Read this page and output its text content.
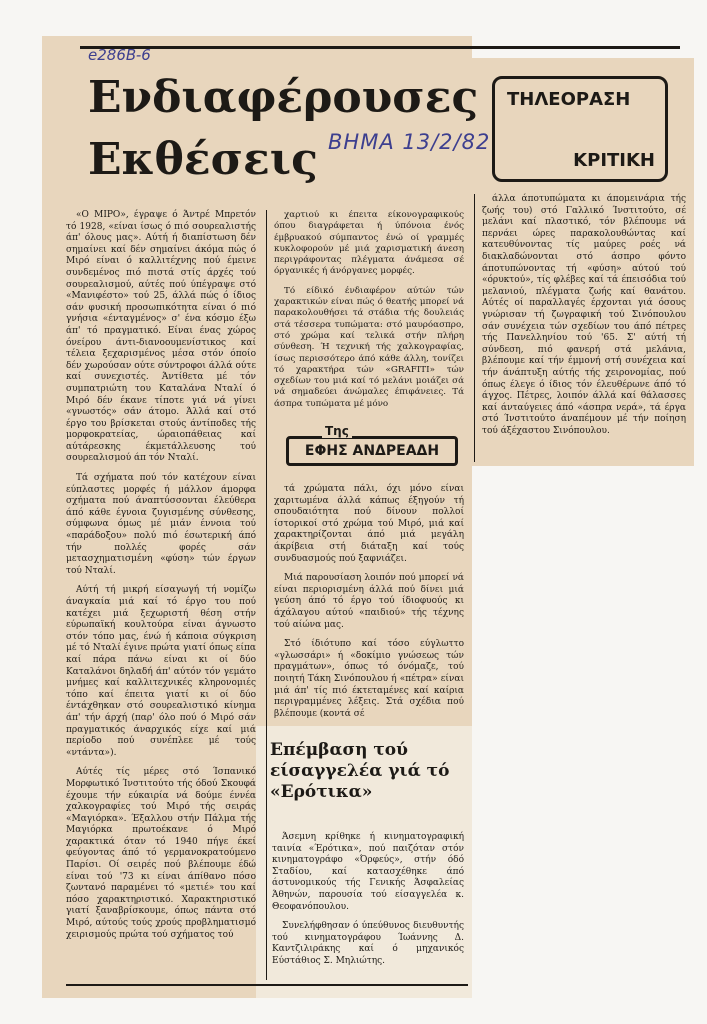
e286B-6
ΒΗΜΑ 13/2/82
Ενδιαφέρουσες
Εκθέσεις
ΤΗΛΕΟΡΑΣΗ
ΚΡΙΤΙΚΗ

«Ο ΜΙΡΟ», έγραψε ό Άντρέ Μπρετόν τό 1928, «είναι ίσως ό πιό σουρεαλιστής άπ' όλους μας». Αύτή ή διαπίστωση δέν σημαίνει καί δέν σημαίνει άκόμα πώς ό Μιρό είναι ό καλλιτέχνης πού έμεινε συνδεμένος πιό πιστά στίς άρχές τού σουρεαλισμού, αύτές πού ύπέγραψε στό «Μανιφέστο» τού 25, άλλά πώς ό ίδιος σάν φυσική προσωπικότητα είναι ό πιό γνήσια «ένταγμένος» σ' ένα κόσμο έξω άπ' τό πραγματικό. Είναι ένας χώρος όνείρου άντι-διανοουμενίστικος καί τέλεια ξεχαρισμένος μέσα στόν όποίο δέν χωρούσαν ούτε σύντροφοι άλλά ούτε καί συνεχιστές. Άντίθετα μέ τόν συμπατριώτη του Καταλάνα Νταλί ό Μιρό δέν έκανε τίποτε γιά νά γίνει «γνωστός» σάν άτομο. Άλλά καί στό έργο του βρίσκεται στούς άντίποδες τής μορφοκρατείας, ώραιοπάθειας καί αύτάρεσκης έκμετάλλευσης τού σουρεαλισμού άπ τόν Νταλί.

Τά σχήματα πού τόν κατέχουν είναι εύπλαστες μορφές ή μάλλον άμορφα σχήματα πού άναπτύσσονται έλεύθερα άπό κάθε έγνοια ζυγισμένης σύνθεσης, σύμφωνα όμως μέ μιάν έννοια τού «παράδοξου» πολύ πιό έσωτερική άπό τήν πολλές φορές σάν μετασχηματισμένη «φύση» τών έργων τού Νταλί.

Αύτή τή μικρή είσαγωγή τή νομίζω άναγκαία μιά καί τό έργο του πού κατέχει μιά ξεχωριστή θέση στήν εύρωπαϊκή κουλτούρα είναι άγνωστο στόν τόπο μας, ένώ ή κάποια σύγκριση μέ τό Νταλί έγινε πρώτα γιατί όπως είπα καί πάρα πάνω είναι κι οί δύο Καταλάνοι δηλαδή άπ' αύτόν τόν γεμάτο μνήμες καί καλλιτεχνικές κληρονομιές τόπο καί έπειτα γιατί κι οί δύο έντάχθηκαν στό σουρεαλιστικό κίνημα άπ' τήν άρχή (παρ' όλο πού ό Μιρό σάν πραγματικός άναρχικός είχε καί μιά περίοδο πού συνέπλεε μέ τούς «ντάντα»).

Αύτές τίς μέρες στό Ίσπανικό Μορφωτικό Ίνστιτούτο τής όδού Σκουφά έχουμε τήν εύκαιρία νά δούμε έννέα χαλκογραφίες τού Μιρό τής σειράς «Μαγιόρκα». Έξαλλου στήν Πάλμα τής Μαγιόρκα πρωτοέκανε ό Μιρό χαρακτικά όταν τό 1940 πήγε έκεί φεύγοντας άπό τό γερμανοκρατούμενο Παρίσι. Οί σειρές πού βλέπουμε έδώ είναι τού '73 κι είναι άπίθανο πόσο ζωντανό παραμένει τό «μετιέ» του καί πόσο χαρακτηριστικό. Χαρακτηριστικό γιατί ξαναβρίσκουμε, όπως πάντα στό Μιρό, αύτούς τούς χρούς προβληματισμό χειρισμούς πρώτα τού σχήματος τού

χαρτιού κι έπειτα είκονογραφικούς όπου διαγράφεται ή ύπόνοια ένός έμβρυακού σύμπαντος ένώ οί γραμμές κυκλοφορούν μέ μιά χαρισματική άνεση περιγράφοντας πλέγματα άνάμεσα σέ όργανικές ή άνόργανες μορφές.

Τό είδικό ένδιαφέρον αύτών τών χαρακτικών είναι πώς ό θεατής μπορεί νά παρακολουθήσει τά στάδια τής δουλειάς στά τέσσερα τυπώματα: στό μαυρόασπρο, στό χρώμα καί τελικά στήν πλήρη σύνθεση. Ή τεχνική τής χαλκογραφίας, ίσως περισσότερο άπό κάθε άλλη, τονίζει τό χαρακτήρα τών «GRAFITI» τών σχεδίων του μιά καί τό μελάνι μοιάζει σά νά σημαδεύει άνώμαλες έπιφάνειες. Τά άσπρα τυπώματα μέ μόνο

ΕΦΗΣ ΑΝΔΡΕΑΔΗ
Της

τά χρώματα πάλι, όχι μόνο είναι χαριτωμένα άλλά κάπως έξηγούν τή σπουδαιότητα πού δίνουν πολλοί ίστορικοί στό χρώμα τού Μιρό, μιά καί χαρακτηρίζονται άπό μιά μεγάλη άκρίβεια στή διάταξη καί τούς συνδυασμούς πού ξαφνιάζει.

Μιά παρουσίαση λοιπόν πού μπορεί νά είναι περιορισμένη άλλά πού δίνει μιά γεύση άπό τό έργο τού ίδιοφυούς κι άχάλαγου αύτού «παιδιού» τής τέχνης τού αίώνα μας.

Στό ίδιότυπο καί τόσο εύγλωττο «γλωσσάρι» ή «δοκίμιο γνώσεως τών πραγμάτων», όπως τό όνόμαζε, τού ποιητή Τάκη Σινόπουλου ή «πέτρα» είναι μιά άπ' τίς πιό έκτεταμένες καί καίρια περιγραμμένες λέξεις. Στά σχέδια πού βλέπουμε (κοντά σέ

άλλα άποτυπώματα κι άπομεινάρια τής ζωής του) στό Γαλλικό Ίνστιτούτο, σέ μελάνι καί πλαστικό, τόν βλέπουμε νά περνάει ώρες παρακολουθώντας καί κατευθύνοντας τίς μαύρες ροές νά διακλαδώνονται στό άσπρο φόντο άποτυπώνοντας τή «φύση» αύτού τού «όρυκτού», τίς φλέβες καί τά έπεισόδια τού μελανιού, πλέγματα ζωής καί θανάτου. Αύτές οί παραλλαγές έρχονται γιά όσους γνώρισαν τή ζωγραφική τού Σινόπουλου σάν συνέχεια τών σχεδίων του άπό πέτρες τής Πανελληνίου τού '65. Σ' αύτή τή σύνδεση, πιό φανερή στά μελάνια, βλέπουμε καί τήν έμμονή στή συνέχεια καί τήν άνάπτυξη αύτής τής χειρονομίας, πού όπως έλεγε ό ίδιος τόν έλευθέρωνε άπό τό άγχος. Πέτρες, λοιπόν άλλά καί θάλασσες καί άνταύγειες άπό «άσπρα νερά», τά έργα στό Ίνστιτούτο άναπέμουν μέ τήν ποίηση τού άξέχαστου Σινόπουλου.

Επέμβαση τού είσαγγελέα γιά τό «Ερότικα»

Άσεμνη κρίθηκε ή κινηματογραφική ταινία «Έρότικα», πού παιζόταν στόν κινηματογράφο «Όρφεύς», στήν όδό Σταδίου, καί κατασχέθηκε άπό άστυνομικούς τής Γενικής Άσφαλείας Άθηνών, παρουσία τού είσαγγελέα κ. Θεοφανόπουλου.

Συνελήφθησαν ό ύπεύθυνος διευθυντής τού κινηματογράφου Ίωάννης Δ. Καντζιλιράκης καί ό μηχανικός Εύστάθιος Σ. Μηλιώτης.
